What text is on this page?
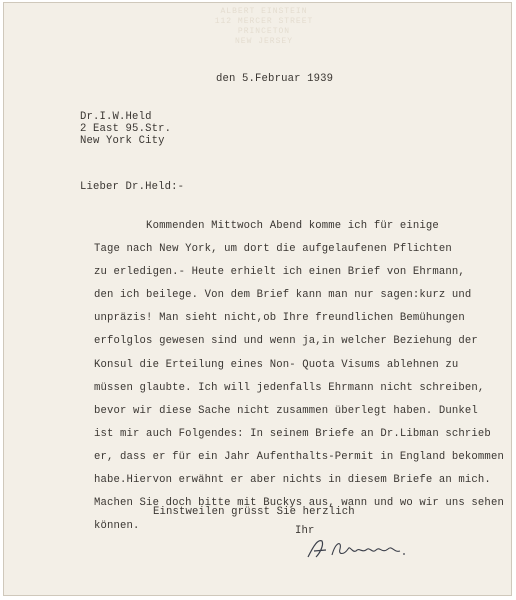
ALBERT EINSTEIN
112 MERCER STREET
PRINCETON
NEW JERSEY
den 5.Februar 1939
Dr.I.W.Held
2 East 95.Str.
New York City
Lieber Dr.Held:-
Kommenden Mittwoch Abend komme ich für einige
Tage nach New York, um dort die aufgelaufenen Pflichten
zu erledigen.- Heute erhielt ich einen Brief von Ehrmann,
den ich beilege. Von dem Brief kann man nur sagen:kurz und
unpräzis! Man sieht nicht,ob Ihre freundlichen Bemühungen
erfolglos gewesen sind und wenn ja,in welcher Beziehung der
Konsul die Erteilung eines Non- Quota Visums ablehnen zu
müssen glaubte. Ich will jedenfalls Ehrmann nicht schreiben,
bevor wir diese Sache nicht zusammen überlegt haben. Dunkel
ist mir auch Folgendes: In seinem Briefe an Dr.Libman schrieb
er, dass er für ein Jahr Aufenthalts-Permit in England bekommen
habe.Hiervon erwähnt er aber nichts in diesem Briefe an mich.
Machen Sie doch bitte mit Buckys aus, wann und wo wir uns sehen
können.
Einstweilen grüsst Sie herzlich
Ihr
